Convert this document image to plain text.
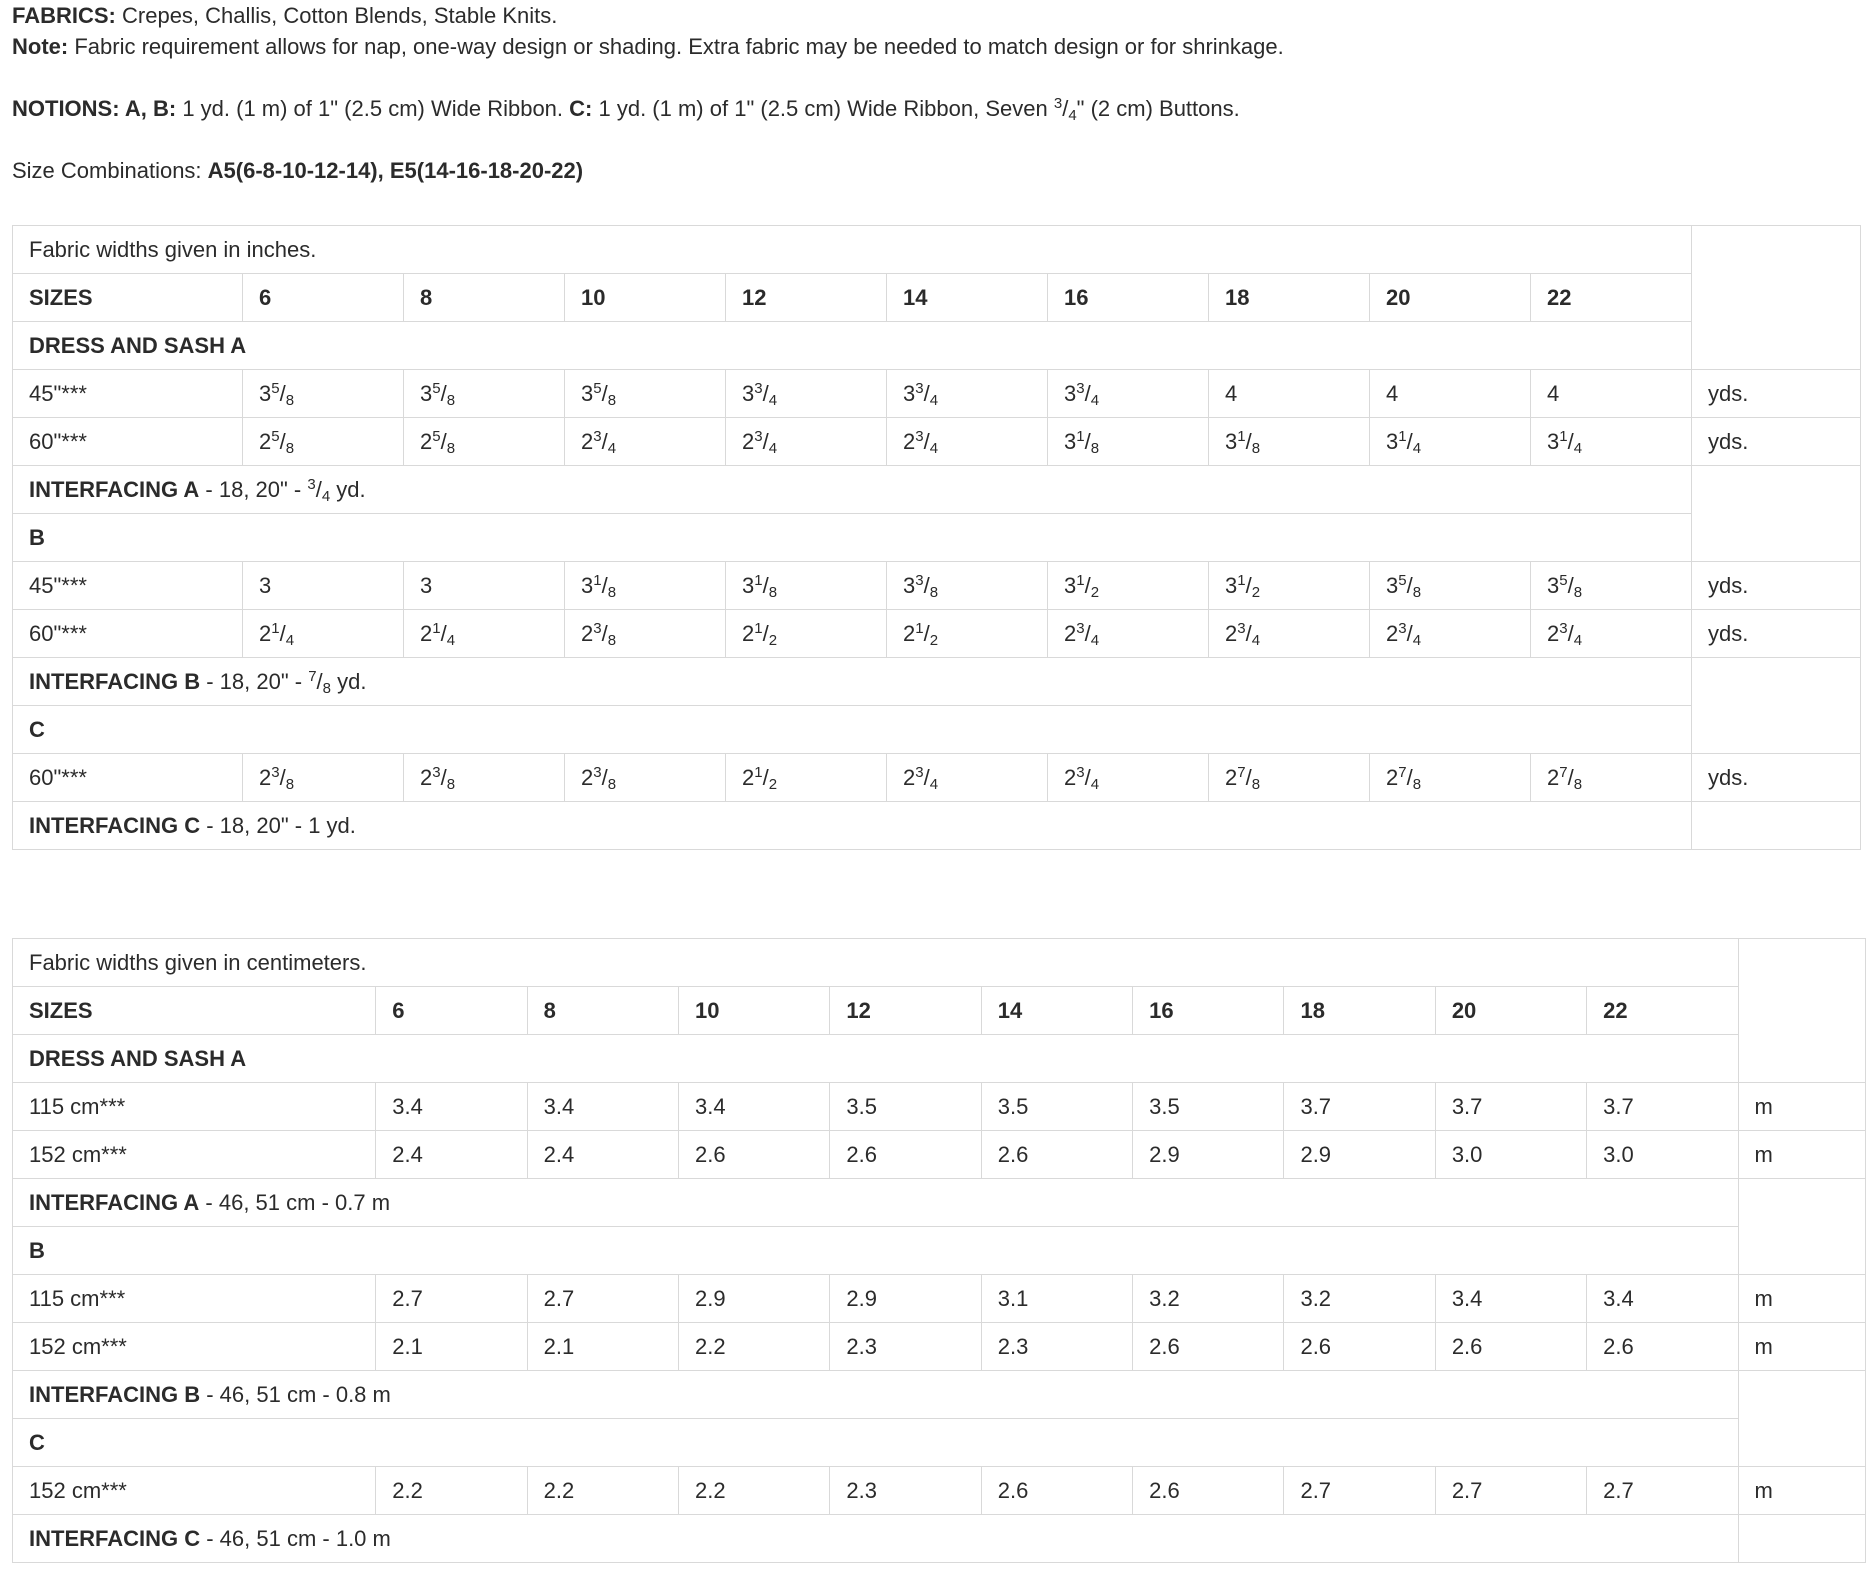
FABRICS: Crepes, Challis, Cotton Blends, Stable Knits.

Note: Fabric requirement allows for nap, one-way design or shading. Extra fabric may be needed to match design or for shrinkage.

NOTIONS: A, B: 1 yd. (1 m) of 1" (2.5 cm) Wide Ribbon. C: 1 yd. (1 m) of 1" (2.5 cm) Wide Ribbon, Seven $^3/_4$" (2 cm) Buttons.

Size Combinations: A5(6-8-10-12-14), E5(14-16-18-20-22)

Fabric widths given in inches.										
SIZES	6	8	10	12	14	16	18	20	22	
DRESS AND SASH A										
45"***	$3^5/_8$	$3^5/_8$	$3^5/_8$	$3^3/_4$	$3^3/_4$	$3^3/_4$	4	4	4	yds.
60"***	$2^5/_8$	$2^5/_8$	$2^3/_4$	$2^3/_4$	$2^3/_4$	$3^1/_8$	$3^1/_8$	$3^1/_4$	$3^1/_4$	yds.
INTERFACING A - 18, 20" - $^3/_4$ yd.										
B										
45"***	3	3	$3^1/_8$	$3^1/_8$	$3^3/_8$	$3^1/_2$	$3^1/_2$	$3^5/_8$	$3^5/_8$	yds.
60"***	$2^1/_4$	$2^1/_4$	$2^3/_8$	$2^1/_2$	$2^1/_2$	$2^3/_4$	$2^3/_4$	$2^3/_4$	$2^3/_4$	yds.
INTERFACING B - 18, 20" - $^7/_8$ yd.										
C										
60"***	$2^3/_8$	$2^3/_8$	$2^3/_8$	$2^1/_2$	$2^3/_4$	$2^3/_4$	$2^7/_8$	$2^7/_8$	$2^7/_8$	yds.
INTERFACING C - 18, 20" - 1 yd.										
Fabric widths given in centimeters.										
SIZES	6	8	10	12	14	16	18	20	22	
DRESS AND SASH A										
115 cm***	3.4	3.4	3.4	3.5	3.5	3.5	3.7	3.7	3.7	m
152 cm***	2.4	2.4	2.6	2.6	2.6	2.9	2.9	3.0	3.0	m
INTERFACING A - 46, 51 cm - 0.7 m										
B										
115 cm***	2.7	2.7	2.9	2.9	3.1	3.2	3.2	3.4	3.4	m
152 cm***	2.1	2.1	2.2	2.3	2.3	2.6	2.6	2.6	2.6	m
INTERFACING B - 46, 51 cm - 0.8 m										
C										
152 cm***	2.2	2.2	2.2	2.3	2.6	2.6	2.7	2.7	2.7	m
INTERFACING C - 46, 51 cm - 1.0 m										
